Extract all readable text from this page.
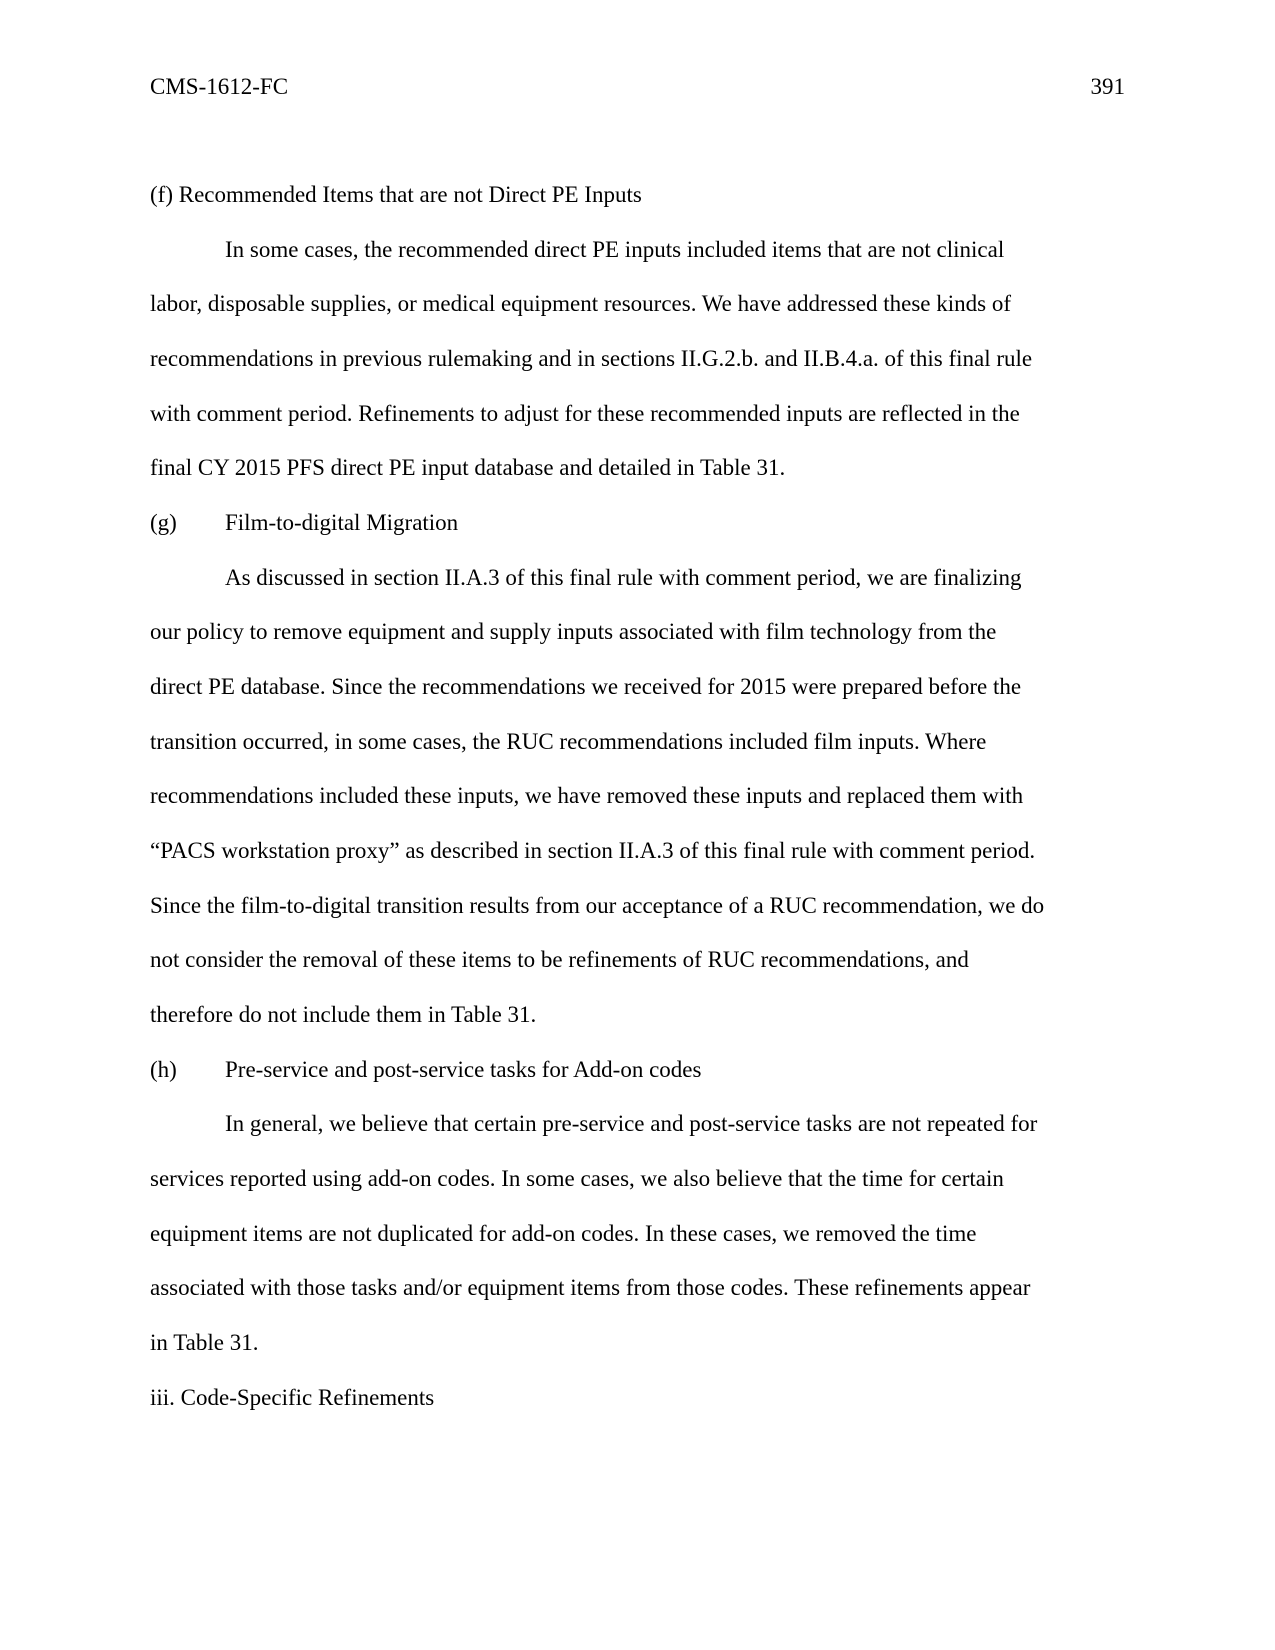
CMS-1612-FC	391
(f) Recommended Items that are not Direct PE Inputs
In some cases, the recommended direct PE inputs included items that are not clinical
labor, disposable supplies, or medical equipment resources. We have addressed these kinds of
recommendations in previous rulemaking and in sections II.G.2.b. and II.B.4.a. of this final rule
with comment period. Refinements to adjust for these recommended inputs are reflected in the
final CY 2015 PFS direct PE input database and detailed in Table 31.
(g) Film-to-digital Migration
As discussed in section II.A.3 of this final rule with comment period, we are finalizing
our policy to remove equipment and supply inputs associated with film technology from the
direct PE database. Since the recommendations we received for 2015 were prepared before the
transition occurred, in some cases, the RUC recommendations included film inputs. Where
recommendations included these inputs, we have removed these inputs and replaced them with
“PACS workstation proxy” as described in section II.A.3 of this final rule with comment period.
Since the film-to-digital transition results from our acceptance of a RUC recommendation, we do
not consider the removal of these items to be refinements of RUC recommendations, and
therefore do not include them in Table 31.
(h) Pre-service and post-service tasks for Add-on codes
In general, we believe that certain pre-service and post-service tasks are not repeated for
services reported using add-on codes. In some cases, we also believe that the time for certain
equipment items are not duplicated for add-on codes. In these cases, we removed the time
associated with those tasks and/or equipment items from those codes. These refinements appear
in Table 31.
iii. Code-Specific Refinements
